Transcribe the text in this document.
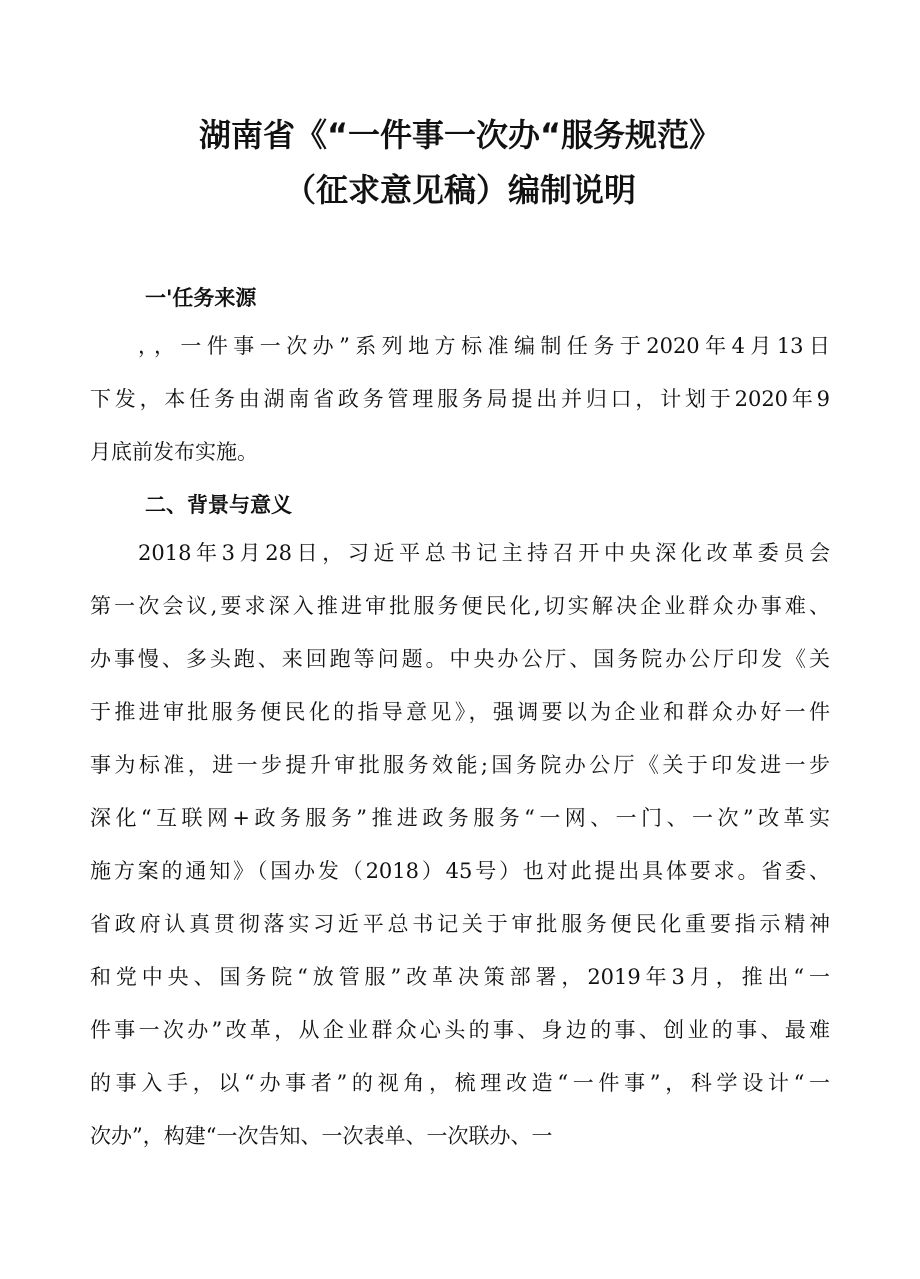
湖南省《“一件事一次办“服务规范》
（征求意见稿）编制说明
一'任务来源
，，一件事一次办”系列地方标准编制任务于2020年4月13日
下发，本任务由湖南省政务管理服务局提出并归口，计划于2020年9
月底前发布实施。
二、背景与意义
2018年3月28日，习近平总书记主持召开中央深化改革委员会
第一次会议,要求深入推进审批服务便民化,切实解决企业群众办事难、
办事慢、多头跑、来回跑等问题。中央办公厅、国务院办公厅印发《关
于推进审批服务便民化的指导意见》，强调要以为企业和群众办好一件
事为标准，进一步提升审批服务效能;国务院办公厅《关于印发进一步
深化“互联网+政务服务”推进政务服务“一网、一门、一次”改革实
施方案的通知》（国办发（2018）45号）也对此提出具体要求。省委、
省政府认真贯彻落实习近平总书记关于审批服务便民化重要指示精神
和党中央、国务院“放管服”改革决策部署，2019年3月，推出“一
件事一次办”改革，从企业群众心头的事、身边的事、创业的事、最难
的事入手，以“办事者”的视角，梳理改造“一件事”，科学设计“一
次办”，构建“一次告知、一次表单、一次联办、一
